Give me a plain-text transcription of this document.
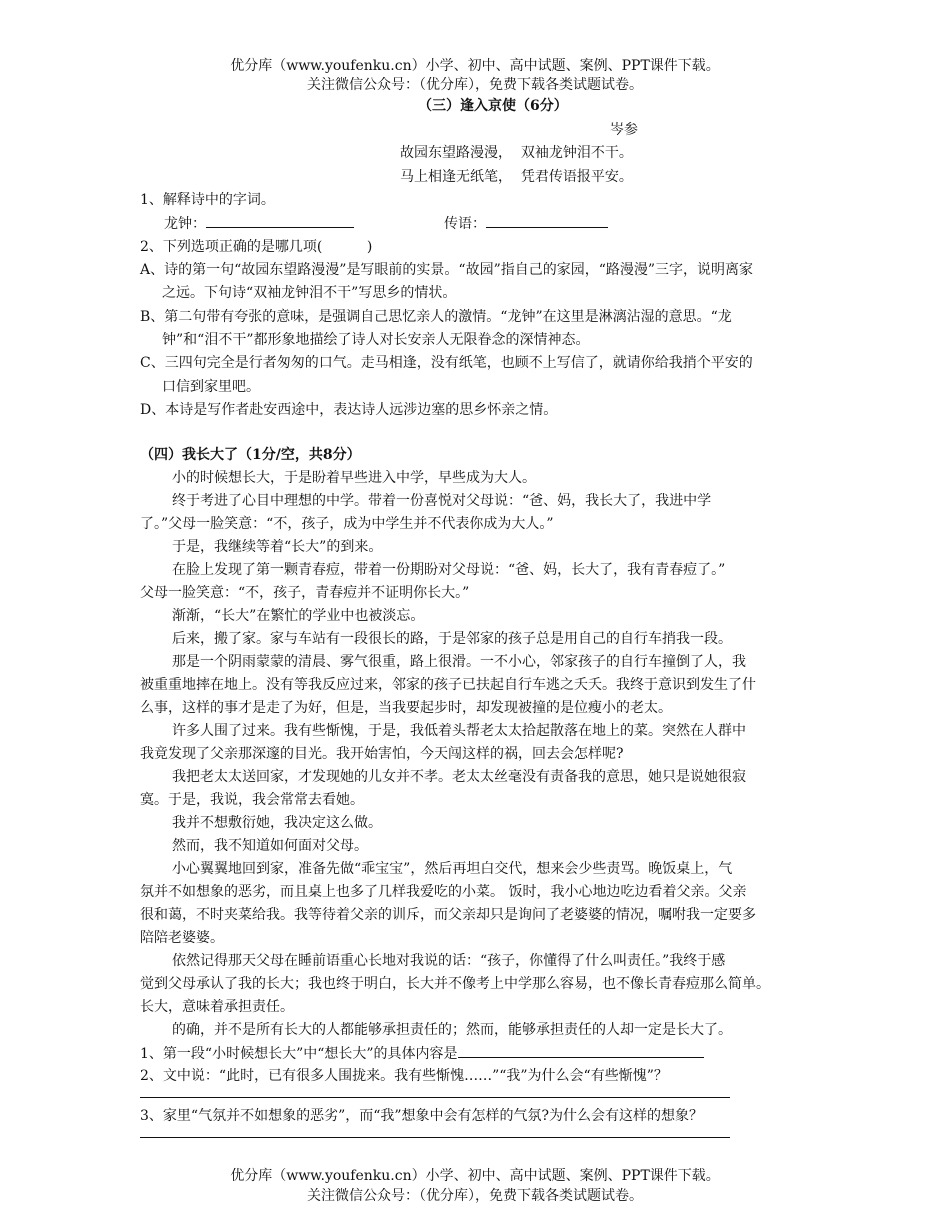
优分库（www.youfenku.cn）小学、初中、高中试题、案例、PPT课件下载。
关注微信公众号：（优分库），免费下载各类试题试卷。
（三）逢入京使（6分）
岑参
故园东望路漫漫，  双袖龙钟泪不干。
马上相逢无纸笔，  凭君传语报平安。
1、解释诗中的字词。
龙钟：	传语：
2、下列选项正确的是哪几项(          )
A、诗的第一句“故园东望路漫漫”是写眼前的实景。“故园”指自己的家园，“路漫漫”三字，说明离家
之远。下句诗“双袖龙钟泪不干”写思乡的情状。
B、第二句带有夸张的意味，是强调自己思忆亲人的激情。“龙钟”在这里是淋漓沾湿的意思。“龙
钟”和“泪不干”都形象地描绘了诗人对长安亲人无限眷念的深情神态。
C、三四句完全是行者匆匆的口气。走马相逢，没有纸笔，也顾不上写信了，就请你给我捎个平安的
口信到家里吧。
D、本诗是写作者赴安西途中，表达诗人远涉边塞的思乡怀亲之情。
（四）我长大了（1分/空，共8分）
小的时候想长大，于是盼着早些进入中学，早些成为大人。
终于考进了心目中理想的中学。带着一份喜悦对父母说：“爸、妈，我长大了，我进中学
了。”父母一脸笑意：“不，孩子，成为中学生并不代表你成为大人。”
于是，我继续等着“长大”的到来。
在脸上发现了第一颗青春痘，带着一份期盼对父母说：“爸、妈，长大了，我有青春痘了。”
父母一脸笑意：“不，孩子，青春痘并不证明你长大。”
渐渐，“长大”在繁忙的学业中也被淡忘。
后来，搬了家。家与车站有一段很长的路，于是邻家的孩子总是用自己的自行车捎我一段。
那是一个阴雨蒙蒙的清晨、雾气很重，路上很滑。一不小心，邻家孩子的自行车撞倒了人，我
被重重地摔在地上。没有等我反应过来，邻家的孩子已扶起自行车逃之夭夭。我终于意识到发生了什
么事，这样的事才是走了为好，但是，当我要起步时，却发现被撞的是位瘦小的老太。
许多人围了过来。我有些惭愧，于是，我低着头帮老太太拾起散落在地上的菜。突然在人群中
我竟发现了父亲那深邃的目光。我开始害怕，今天闯这样的祸，回去会怎样呢?
我把老太太送回家，才发现她的儿女并不孝。老太太丝毫没有责备我的意思，她只是说她很寂
寞。于是，我说，我会常常去看她。
我并不想敷衍她，我决定这么做。
然而，我不知道如何面对父母。
小心翼翼地回到家，准备先做“乖宝宝”，然后再坦白交代，想来会少些责骂。晚饭桌上，气
氛并不如想象的恶劣，而且桌上也多了几样我爱吃的小菜。 饭时，我小心地边吃边看着父亲。父亲
很和蔼，不时夹菜给我。我等待着父亲的训斥，而父亲却只是询问了老婆婆的情况，嘱咐我一定要多
陪陪老婆婆。
依然记得那天父母在睡前语重心长地对我说的话：“孩子，你懂得了什么叫责任。”我终于感
觉到父母承认了我的长大；我也终于明白，长大并不像考上中学那么容易，也不像长青春痘那么简单。
长大，意味着承担责任。
的确，并不是所有长大的人都能够承担责任的；然而，能够承担责任的人却一定是长大了。
1、第一段“小时候想长大”中“想长大”的具体内容是
2、文中说：“此时，已有很多人围拢来。我有些惭愧……”“我”为什么会“有些惭愧”？
3、家里“气氛并不如想象的恶劣”，而“我”想象中会有怎样的气氛?为什么会有这样的想象？
优分库（www.youfenku.cn）小学、初中、高中试题、案例、PPT课件下载。
关注微信公众号：（优分库），免费下载各类试题试卷。
